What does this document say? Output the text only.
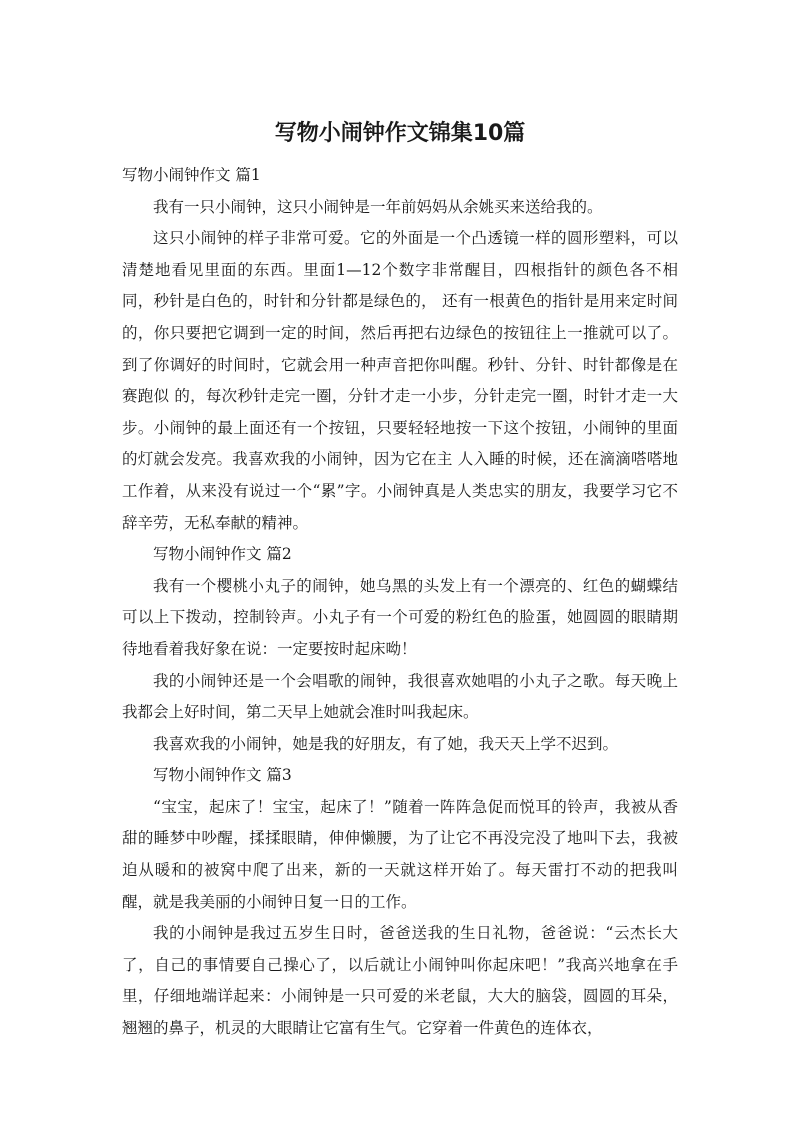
写物小闹钟作文锦集10篇

写物小闹钟作文 篇1

我有一只小闹钟，这只小闹钟是一年前妈妈从余姚买来送给我的。

这只小闹钟的样子非常可爱。它的外面是一个凸透镜一样的圆形塑料，可以清楚地看见里面的东西。里面1—12个数字非常醒目，四根指针的颜色各不相同，秒针是白色的，时针和分针都是绿色的， 还有一根黄色的指针是用来定时间的，你只要把它调到一定的时间，然后再把右边绿色的按钮往上一推就可以了。到了你调好的时间时，它就会用一种声音把你叫醒。秒针、分针、时针都像是在赛跑似 的，每次秒针走完一圈，分针才走一小步，分针走完一圈，时针才走一大步。小闹钟的最上面还有一个按钮，只要轻轻地按一下这个按钮，小闹钟的里面的灯就会发亮。我喜欢我的小闹钟，因为它在主 人入睡的时候，还在滴滴嗒嗒地工作着，从来没有说过一个“累”字。小闹钟真是人类忠实的朋友，我要学习它不辞辛劳，无私奉献的精神。

写物小闹钟作文 篇2

我有一个樱桃小丸子的闹钟，她乌黑的头发上有一个漂亮的、红色的蝴蝶结可以上下拨动，控制铃声。小丸子有一个可爱的粉红色的脸蛋，她圆圆的眼睛期待地看着我好象在说：一定要按时起床呦！

我的小闹钟还是一个会唱歌的闹钟，我很喜欢她唱的小丸子之歌。每天晚上我都会上好时间，第二天早上她就会准时叫我起床。

我喜欢我的小闹钟，她是我的好朋友，有了她，我天天上学不迟到。

写物小闹钟作文 篇3

“宝宝，起床了！宝宝，起床了！”随着一阵阵急促而悦耳的铃声，我被从香甜的睡梦中吵醒，揉揉眼睛，伸伸懒腰，为了让它不再没完没了地叫下去，我被迫从暖和的被窝中爬了出来，新的一天就这样开始了。每天雷打不动的把我叫醒，就是我美丽的小闹钟日复一日的工作。

我的小闹钟是我过五岁生日时，爸爸送我的生日礼物，爸爸说：“云杰长大了，自己的事情要自己操心了，以后就让小闹钟叫你起床吧！”我高兴地拿在手里，仔细地端详起来：小闹钟是一只可爱的米老鼠，大大的脑袋，圆圆的耳朵，翘翘的鼻子，机灵的大眼睛让它富有生气。它穿着一件黄色的连体衣，
